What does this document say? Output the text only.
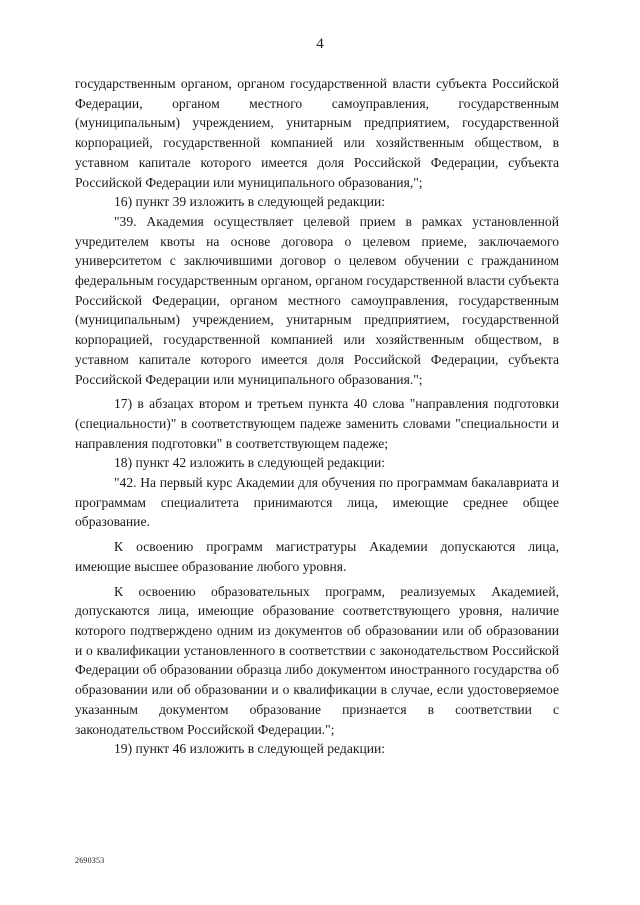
4

государственным органом, органом государственной власти субъекта Российской Федерации, органом местного самоуправления, государственным (муниципальным) учреждением, унитарным предприятием, государственной корпорацией, государственной компанией или хозяйственным обществом, в уставном капитале которого имеется доля Российской Федерации, субъекта Российской Федерации или муниципального образования,";

16) пункт 39 изложить в следующей редакции:

"39. Академия осуществляет целевой прием в рамках установленной учредителем квоты на основе договора о целевом приеме, заключаемого университетом с заключившими договор о целевом обучении с гражданином федеральным государственным органом, органом государственной власти субъекта Российской Федерации, органом местного самоуправления, государственным (муниципальным) учреждением, унитарным предприятием, государственной корпорацией, государственной компанией или хозяйственным обществом, в уставном капитале которого имеется доля Российской Федерации, субъекта Российской Федерации или муниципального образования.";

17) в абзацах втором и третьем пункта 40 слова "направления подготовки (специальности)" в соответствующем падеже заменить словами "специальности и направления подготовки" в соответствующем падеже;

18) пункт 42 изложить в следующей редакции:

"42. На первый курс Академии для обучения по программам бакалавриата и программам специалитета принимаются лица, имеющие среднее общее образование.

К освоению программ магистратуры Академии допускаются лица, имеющие высшее образование любого уровня.

К освоению образовательных программ, реализуемых Академией, допускаются лица, имеющие образование соответствующего уровня, наличие которого подтверждено одним из документов об образовании или об образовании и о квалификации установленного в соответствии с законодательством Российской Федерации об образовании образца либо документом иностранного государства об образовании или об образовании и о квалификации в случае, если удостоверяемое указанным документом образование признается в соответствии с законодательством Российской Федерации.";

19) пункт 46 изложить в следующей редакции:

2690353
